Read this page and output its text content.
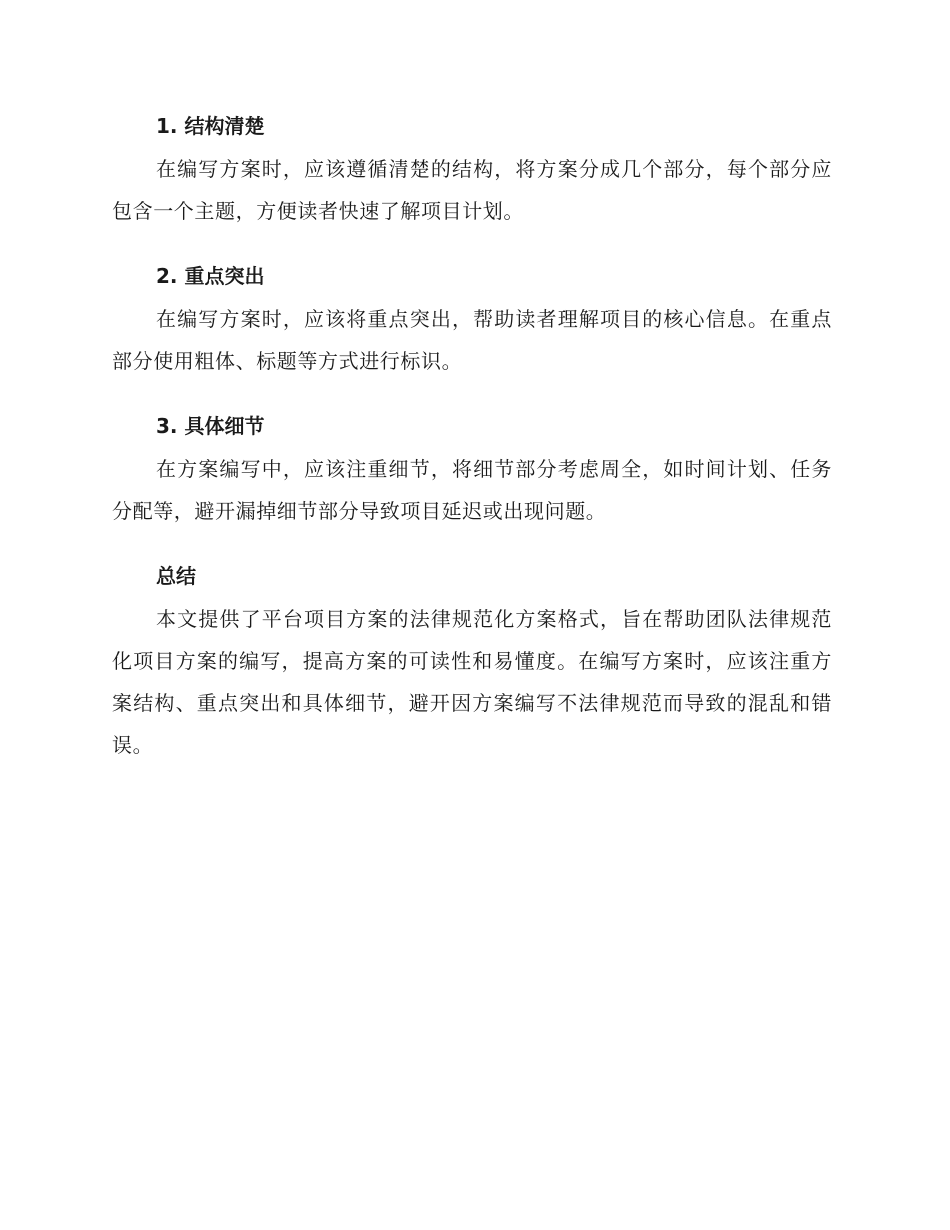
1. 结构清楚

在编写方案时，应该遵循清楚的结构，将方案分成几个部分，每个部分应包含一个主题，方便读者快速了解项目计划。

2. 重点突出

在编写方案时，应该将重点突出，帮助读者理解项目的核心信息。在重点部分使用粗体、标题等方式进行标识。

3. 具体细节

在方案编写中，应该注重细节，将细节部分考虑周全，如时间计划、任务分配等，避开漏掉细节部分导致项目延迟或出现问题。

总结

本文提供了平台项目方案的法律规范化方案格式，旨在帮助团队法律规范化项目方案的编写，提高方案的可读性和易懂度。在编写方案时，应该注重方案结构、重点突出和具体细节，避开因方案编写不法律规范而导致的混乱和错误。
